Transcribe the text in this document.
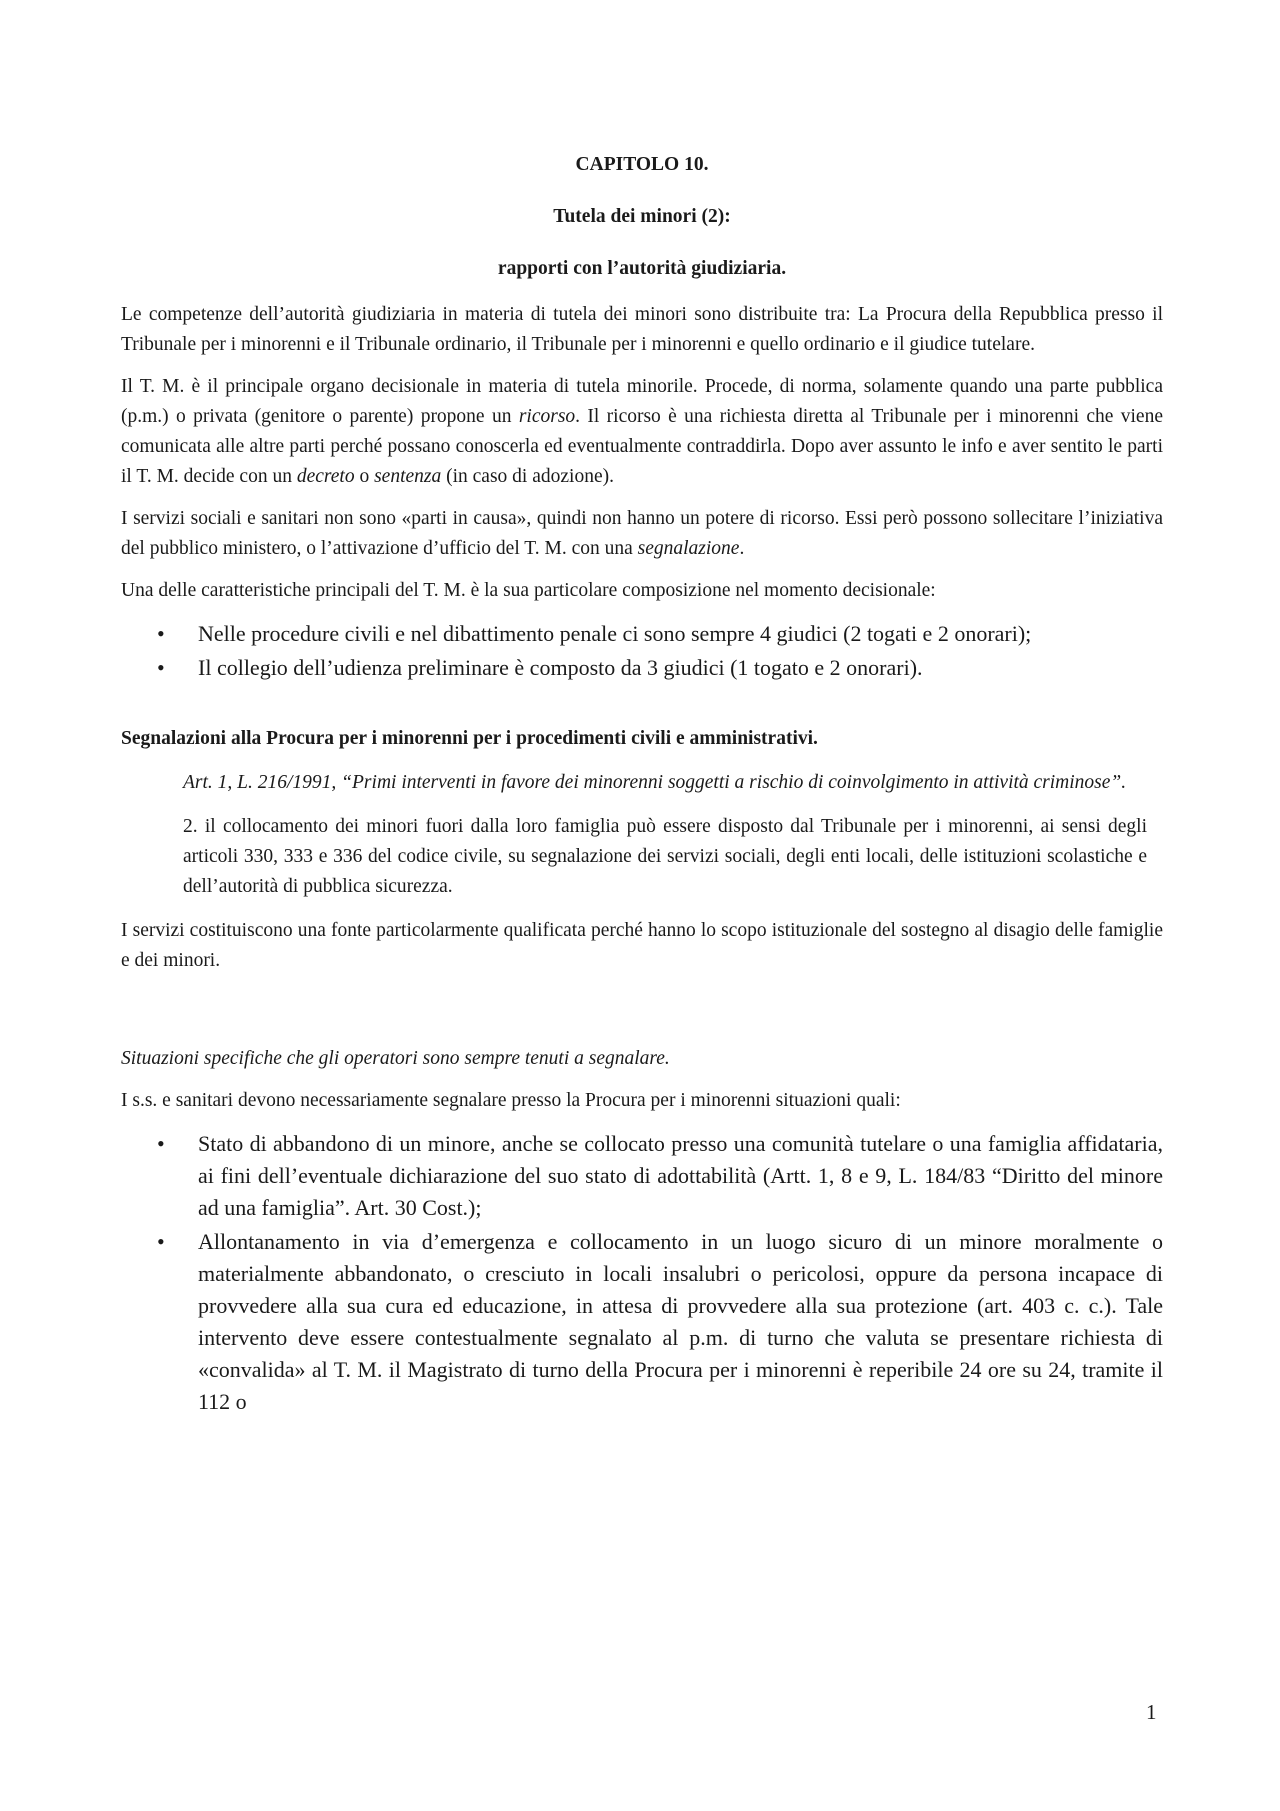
CAPITOLO 10.

Tutela dei minori (2):

rapporti con l’autorità giudiziaria.

Le competenze dell’autorità giudiziaria in materia di tutela dei minori sono distribuite tra: La Procura della Repubblica presso il Tribunale per i minorenni e il Tribunale ordinario, il Tribunale per i minorenni e quello ordinario e il giudice tutelare.

Il T. M. è il principale organo decisionale in materia di tutela minorile. Procede, di norma, solamente quando una parte pubblica (p.m.) o privata (genitore o parente) propone un ricorso. Il ricorso è una richiesta diretta al Tribunale per i minorenni che viene comunicata alle altre parti perché possano conoscerla ed eventualmente contraddirla. Dopo aver assunto le info e aver sentito le parti il T. M. decide con un decreto o sentenza (in caso di adozione).

I servizi sociali e sanitari non sono «parti in causa», quindi non hanno un potere di ricorso. Essi però possono sollecitare l’iniziativa del pubblico ministero, o l’attivazione d’ufficio del T. M. con una segnalazione.

Una delle caratteristiche principali del T. M. è la sua particolare composizione nel momento decisionale:

• Nelle procedure civili e nel dibattimento penale ci sono sempre 4 giudici (2 togati e 2 onorari);
• Il collegio dell’udienza preliminare è composto da 3 giudici (1 togato e 2 onorari).

Segnalazioni alla Procura per i minorenni per i procedimenti civili e amministrativi.

Art. 1, L. 216/1991, “Primi interventi in favore dei minorenni soggetti a rischio di coinvolgimento in attività criminose”.

2. il collocamento dei minori fuori dalla loro famiglia può essere disposto dal Tribunale per i minorenni, ai sensi degli articoli 330, 333 e 336 del codice civile, su segnalazione dei servizi sociali, degli enti locali, delle istituzioni scolastiche e dell’autorità di pubblica sicurezza.

I servizi costituiscono una fonte particolarmente qualificata perché hanno lo scopo istituzionale del sostegno al disagio delle famiglie e dei minori.

Situazioni specifiche che gli operatori sono sempre tenuti a segnalare.

I s.s. e sanitari devono necessariamente segnalare presso la Procura per i minorenni situazioni quali:

• Stato di abbandono di un minore, anche se collocato presso una comunità tutelare o una famiglia affidataria, ai fini dell’eventuale dichiarazione del suo stato di adottabilità (Artt. 1, 8 e 9, L. 184/83 “Diritto del minore ad una famiglia”. Art. 30 Cost.);
• Allontanamento in via d’emergenza e collocamento in un luogo sicuro di un minore moralmente o materialmente abbandonato, o cresciuto in locali insalubri o pericolosi, oppure da persona incapace di provvedere alla sua cura ed educazione, in attesa di provvedere alla sua protezione (art. 403 c. c.). Tale intervento deve essere contestualmente segnalato al p.m. di turno che valuta se presentare richiesta di «convalida» al T. M. il Magistrato di turno della Procura per i minorenni è reperibile 24 ore su 24, tramite il 112 o
1
